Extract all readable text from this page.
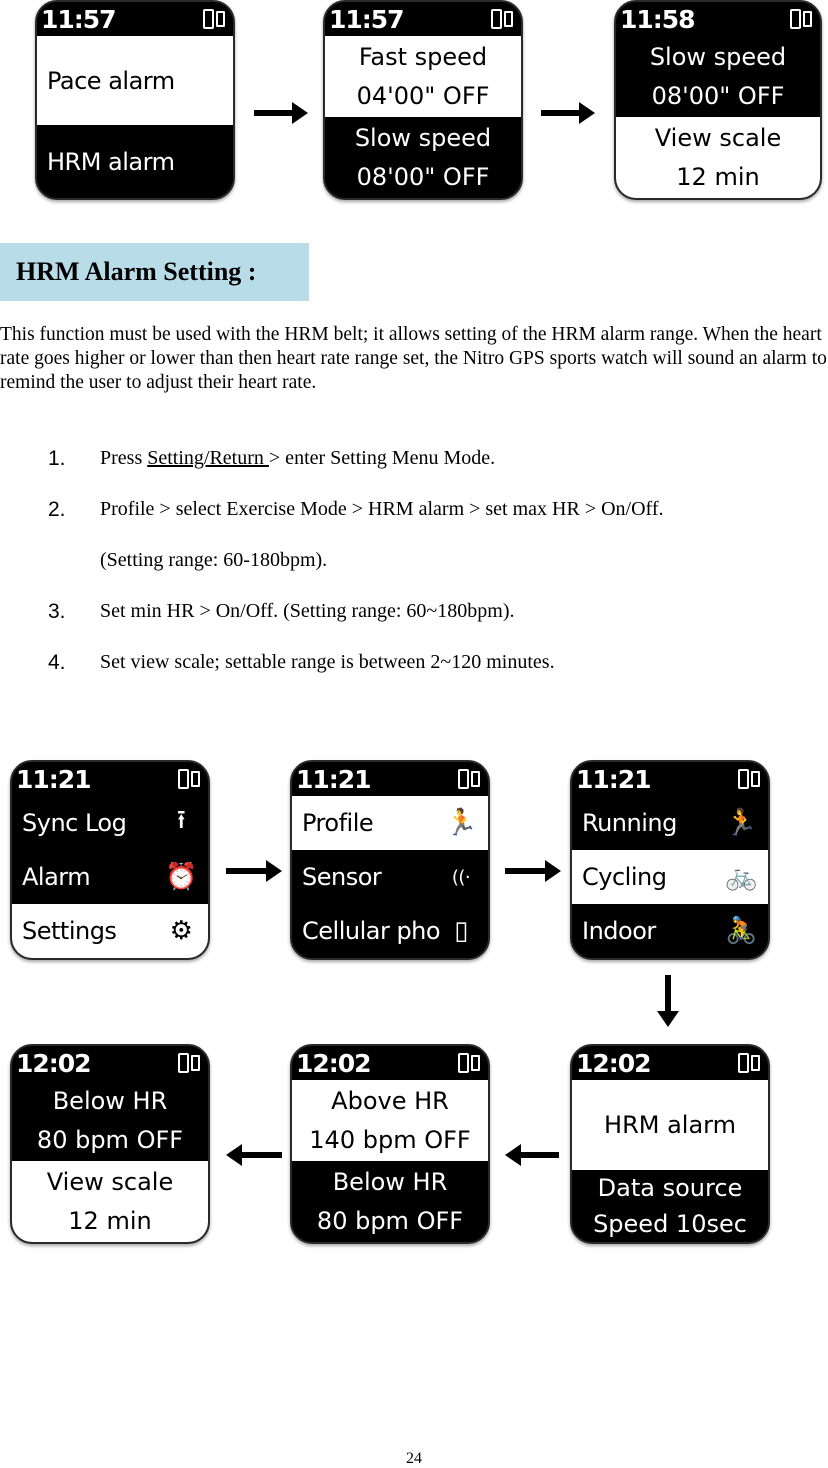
11:57
Pace alarm
HRM alarm
11:57
Fast speed
04'00" OFF
Slow speed
08'00" OFF
11:58
Slow speed
08'00" OFF
View scale
12 min
HRM Alarm Setting :

This function must be used with the HRM belt; it allows setting of the HRM alarm range. When the heart rate goes higher or lower than then heart rate range set, the Nitro GPS sports watch will sound an alarm to remind the user to adjust their heart rate.

1.	Press Setting/Return > enter Setting Menu Mode.
2.	Profile > select Exercise Mode > HRM alarm > set max HR > On/Off.
(Setting range: 60-180bpm).
3.	Set min HR > On/Off. (Setting range: 60~180bpm).
4.	Set view scale; settable range is between 2~120 minutes.
11:21
Sync Log	⭱
Alarm	⏰
Settings	⚙
11:21
Profile	🏃
Sensor	((·
Cellular pho ▯
11:21
Running	🏃
Cycling	🚲
Indoor	🚴
12:02
Below HR
80 bpm OFF
View scale
12 min
12:02
Above HR
140 bpm OFF
Below HR
80 bpm OFF
12:02
HRM alarm
Data source
Speed 10sec
24
